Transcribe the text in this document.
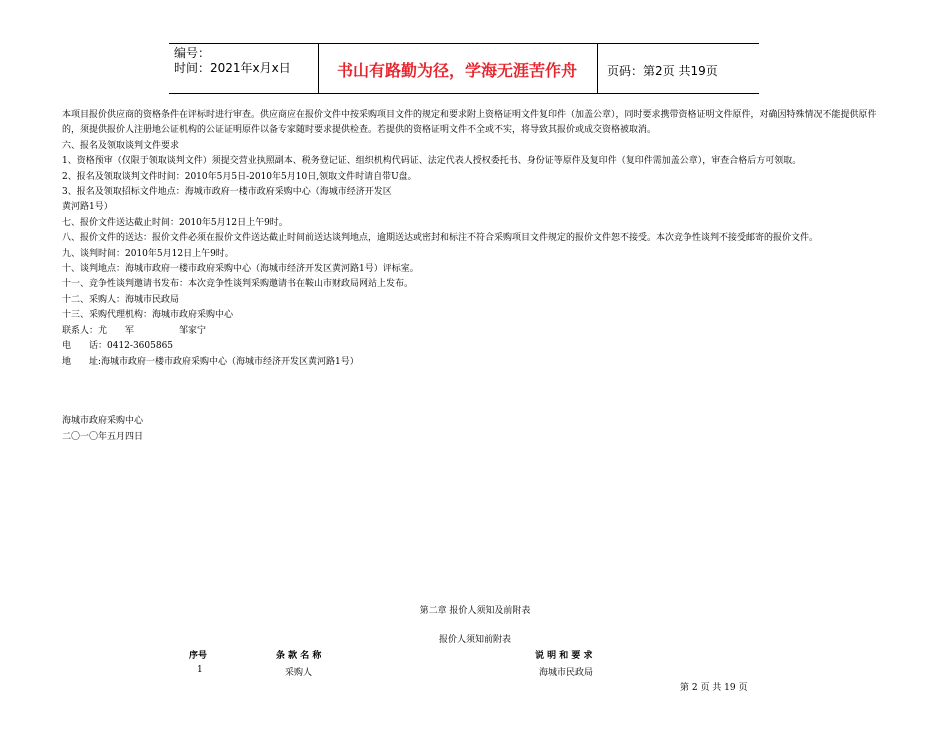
编号：
时间：2021年x月x日	书山有路勤为径，学海无涯苦作舟	页码：第2页 共19页
本项目报价供应商的资格条件在评标时进行审查。供应商应在报价文件中按采购项目文件的规定和要求附上资格证明文件复印件（加盖公章），同时要求携带资格证明文件原件，对确因特殊情况不能提供原件的，须提供报价人注册地公证机构的公证证明原件以备专家随时要求提供检查。若提供的资格证明文件不全或不实，将导致其报价或成交资格被取消。
六、报名及领取谈判文件要求
1、资格预审（仅限于领取谈判文件）须提交营业执照副本、税务登记证、组织机构代码证、法定代表人授权委托书、身份证等原件及复印件（复印件需加盖公章），审查合格后方可领取。
2、报名及领取谈判文件时间：2010年5月5日-2010年5月10日,领取文件时请自带U盘。
3、报名及领取招标文件地点：海城市政府一楼市政府采购中心（海城市经济开发区
黄河路1号）
七、报价文件送达截止时间：2010年5月12日上午9时。
八、报价文件的送达：报价文件必须在报价文件送达截止时间前送达谈判地点，逾期送达或密封和标注不符合采购项目文件规定的报价文件恕不接受。本次竞争性谈判不接受邮寄的报价文件。
九、谈判时间：2010年5月12日上午9时。
十、谈判地点：海城市政府一楼市政府采购中心（海城市经济开发区黄河路1号）评标室。
十一、竞争性谈判邀请书发布：本次竞争性谈判采购邀请书在鞍山市财政局网站上发布。
十二、采购人：海城市民政局
十三、采购代理机构：海城市政府采购中心
联系人：尤　　军　　　　　邹家宁
电　　话：0412-3605865
地　　址:海城市政府一楼市政府采购中心（海城市经济开发区黄河路1号）
海城市政府采购中心
二〇一〇年五月四日
第二章 报价人须知及前附表
报价人须知前附表
序号	条 款 名 称	说 明 和 要 求
1	采购人	海城市民政局
第 2 页 共 19 页
